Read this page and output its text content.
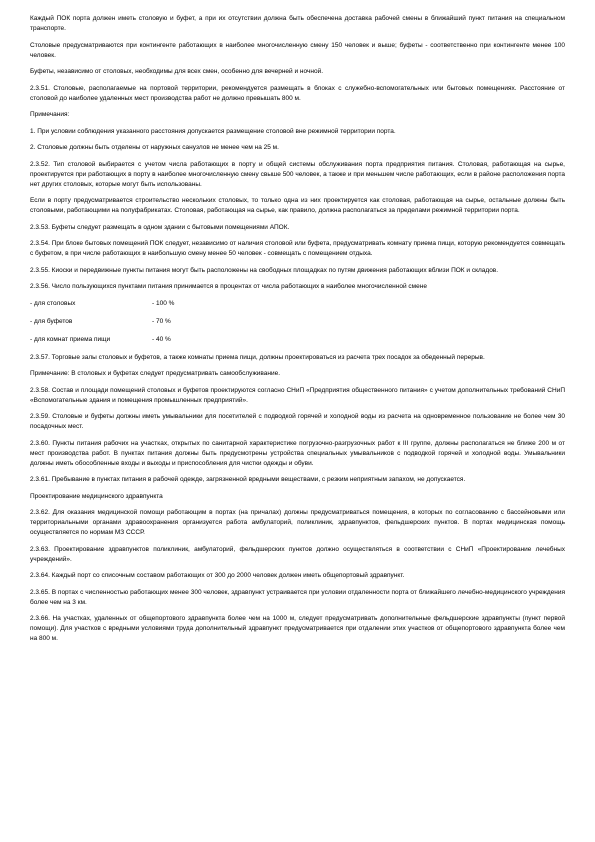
Каждый ПОК порта должен иметь столовую и буфет, а при их отсутствии должна быть обеспечена доставка рабочей смены в ближайший пункт питания на специальном транспорте.

Столовые предусматриваются при контингенте работающих в наиболее многочисленную смену 150 человек и выше; буфеты - соответственно при контингенте менее 100 человек.

Буфеты, независимо от столовых, необходимы для всех смен, особенно для вечерней и ночной.

2.3.51. Столовые, располагаемые на портовой территории, рекомендуется размещать в блоках с служебно-вспомогательных или бытовых помещениях. Расстояние от столовой до наиболее удаленных мест производства работ не должно превышать 800 м.

Примечания:

1. При условии соблюдения указанного расстояния допускается размещение столовой вне режимной территории порта.

2. Столовые должны быть отделены от наружных санузлов не менее чем на 25 м.

2.3.52. Тип столовой выбирается с учетом числа работающих в порту и общей системы обслуживания порта предприятия питания. Столовая, работающая на сырье, проектируется при работающих в порту в наиболее многочисленную смену свыше 500 человек, а также и при меньшем числе работающих, если в районе расположения порта нет других столовых, которые могут быть использованы.

Если в порту предусматривается строительство нескольких столовых, то только одна из них проектируется как столовая, работающая на сырье, остальные должны быть столовыми, работающими на полуфабрикатах. Столовая, работающая на сырье, как правило, должна располагаться за пределами режимной территории порта.

2.3.53. Буфеты следует размещать в одном здании с бытовыми помещениями АПОК.

2.3.54. При блоке бытовых помещений ПОК следует, независимо от наличия столовой или буфета, предусматривать комнату приема пищи, которую рекомендуется совмещать с буфетом, в при числе работающих в наибольшую смену менее 50 человек - совмещать с помещением отдыха.

2.3.55. Киоски и передвижные пункты питания могут быть расположены на свободных площадках по путям движения работающих вблизи ПОК и складов.

2.3.56. Число пользующихся пунктами питания принимается в процентах от числа работающих в наиболее многочисленной смене

- для столовых	- 100 %
- для буфетов	- 70 %
- для комнат приема пищи	- 40 %

2.3.57. Торговые залы столовых и буфетов, а также комнаты приема пищи, должны проектироваться из расчета трех посадок за обеденный перерыв.

Примечание: В столовых и буфетах следует предусматривать самообслуживание.

2.3.58. Состав и площади помещений столовых и буфетов проектируются согласно СНиП «Предприятия общественного питания» с учетом дополнительных требований СНиП «Вспомогательные здания и помещения промышленных предприятий».

2.3.59. Столовые и буфеты должны иметь умывальники для посетителей с подводкой горячей и холодной воды из расчета на одновременное пользование не более чем 30 посадочных мест.

2.3.60. Пункты питания рабочих на участках, открытых по санитарной характеристике погрузочно-разгрузочных работ к III группе, должны располагаться не ближе 200 м от мест производства работ. В пунктах питания должны быть предусмотрены устройства специальных умывальников с подводкой горячей и холодной воды. Умывальники должны иметь обособленные входы и выходы и приспособления для чистки одежды и обуви.

2.3.61. Пребывание в пунктах питания в рабочей одежде, загрязненной вредными веществами, с резким неприятным запахом, не допускается.

Проектирование медицинского здравпункта

2.3.62. Для оказания медицинской помощи работающим в портах (на причалах) должны предусматриваться помещения, в которых по согласованию с бассейновыми или территориальными органами здравоохранения организуется работа амбулаторий, поликлиник, здравпунктов, фельдшерских пунктов. В портах медицинская помощь осуществляется по нормам МЗ СССР.

2.3.63. Проектирование здравпунктов поликлиник, амбулаторий, фельдшерских пунктов должно осуществляться в соответствии с СНиП «Проектирование лечебных учреждений».

2.3.64. Каждый порт со списочным составом работающих от 300 до 2000 человек должен иметь общепортовый здравпункт.

2.3.65. В портах с численностью работающих менее 300 человек, здравпункт устраивается при условии отдаленности порта от ближайшего лечебно-медицинского учреждения более чем на 3 км.

2.3.66. На участках, удаленных от общепортового здравпункта более чем на 1000 м, следует предусматривать дополнительные фельдшерские здравпункты (пункт первой помощи). Для участков с вредными условиями труда дополнительный здравпункт предусматривается при отдалении этих участков от общепортового здравпункта более чем на 800 м.
